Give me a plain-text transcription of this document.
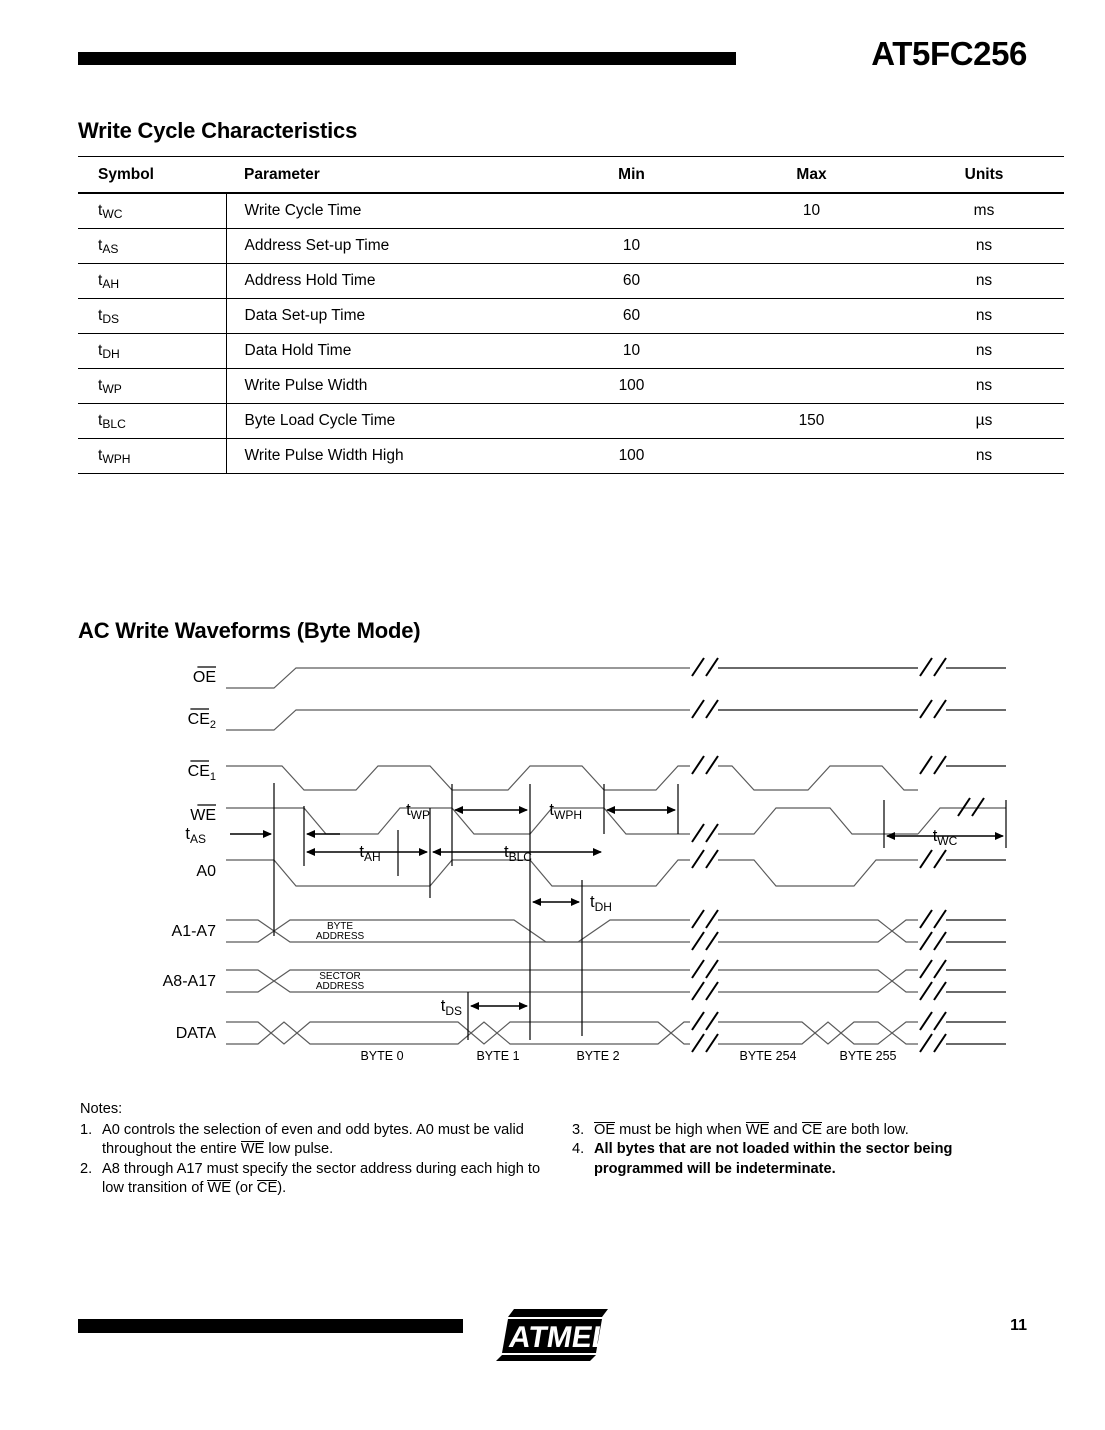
AT5FC256
Write Cycle Characteristics
Symbol	Parameter	Min	Max	Units
$t_{WC}$	Write Cycle Time		10	ms
$t_{AS}$	Address Set-up Time	10		ns
$t_{AH}$	Address Hold Time	60		ns
$t_{DS}$	Data Set-up Time	60		ns
$t_{DH}$	Data Hold Time	10		ns
$t_{WP}$	Write Pulse Width	100		ns
$t_{BLC}$	Byte Load Cycle Time		150	µs
$t_{WPH}$	Write Pulse Width High	100		ns
AC Write Waveforms (Byte Mode)
OE
$CE_2$
$CE_1$
WE
A0
A1-A7
A8-A17
DATA
BYTE
ADDRESS
SECTOR
ADDRESS
BYTE 0	BYTE 1	BYTE 2	BYTE 254	BYTE 255
$t_{AS}$
$t_{AH}$
$t_{WP}$	$t_{WPH}$
$t_{BLC}$
$t_{DH}$
$t_{DS}$
$t_{WC}$
Notes:
1. A0 controls the selection of even and odd bytes. A0 must be valid throughout the entire WE low pulse.
2. A8 through A17 must specify the sector address during each high to low transition of WE (or CE).
3. OE must be high when WE and CE are both low.
4. All bytes that are not loaded within the sector being programmed will be indeterminate.
ATMEL	11
